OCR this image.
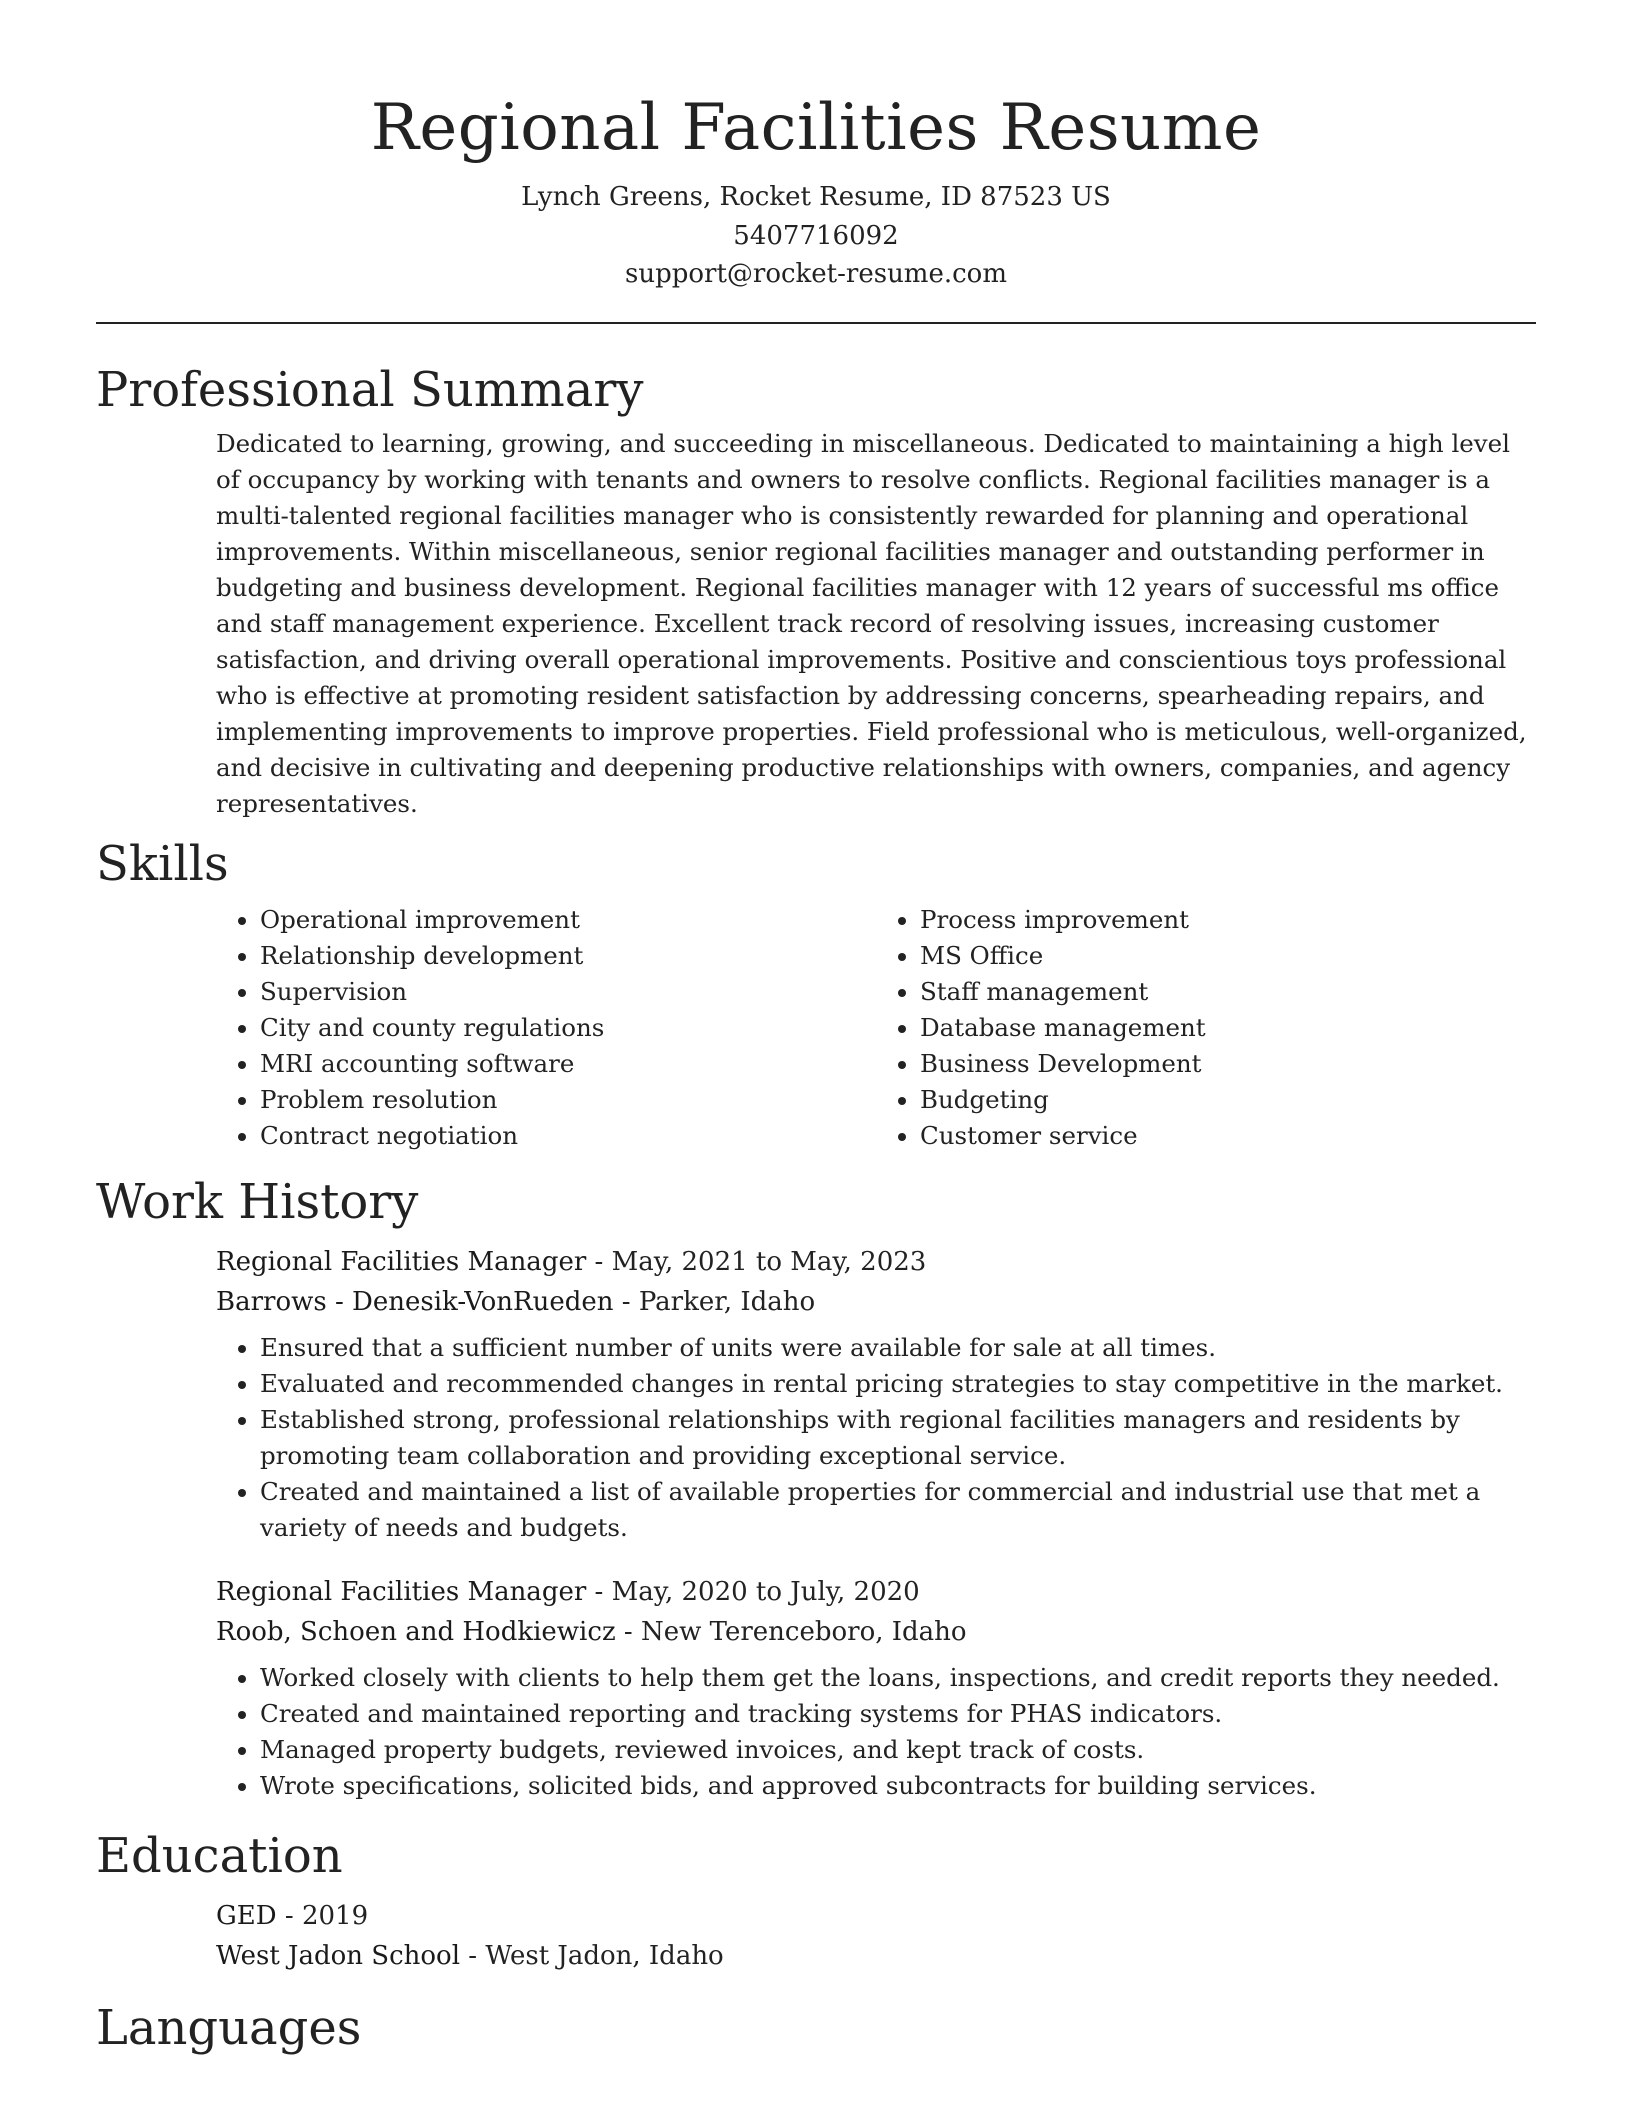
Regional Facilities Resume
Lynch Greens, Rocket Resume, ID 87523 US
5407716092
support@rocket-resume.com
Professional Summary

Dedicated to learning, growing, and succeeding in miscellaneous. Dedicated to maintaining a high level of occupancy by working with tenants and owners to resolve conflicts. Regional facilities manager is a multi-talented regional facilities manager who is consistently rewarded for planning and operational improvements. Within miscellaneous, senior regional facilities manager and outstanding performer in budgeting and business development. Regional facilities manager with 12 years of successful ms office and staff management experience. Excellent track record of resolving issues, increasing customer satisfaction, and driving overall operational improvements. Positive and conscientious toys professional who is effective at promoting resident satisfaction by addressing concerns, spearheading repairs, and implementing improvements to improve properties. Field professional who is meticulous, well-organized, and decisive in cultivating and deepening productive relationships with owners, companies, and agency representatives.

Skills
• Operational improvement
• Relationship development
• Supervision
• City and county regulations
• MRI accounting software
• Problem resolution
• Contract negotiation
• Process improvement
• MS Office
• Staff management
• Database management
• Business Development
• Budgeting
• Customer service
Work History
Regional Facilities Manager - May, 2021 to May, 2023
Barrows - Denesik-VonRueden - Parker, Idaho
• Ensured that a sufficient number of units were available for sale at all times.
• Evaluated and recommended changes in rental pricing strategies to stay competitive in the market.
• Established strong, professional relationships with regional facilities managers and residents by promoting team collaboration and providing exceptional service.
• Created and maintained a list of available properties for commercial and industrial use that met a variety of needs and budgets.
Regional Facilities Manager - May, 2020 to July, 2020
Roob, Schoen and Hodkiewicz - New Terenceboro, Idaho
• Worked closely with clients to help them get the loans, inspections, and credit reports they needed.
• Created and maintained reporting and tracking systems for PHAS indicators.
• Managed property budgets, reviewed invoices, and kept track of costs.
• Wrote specifications, solicited bids, and approved subcontracts for building services.
Education
GED - 2019
West Jadon School - West Jadon, Idaho
Languages
